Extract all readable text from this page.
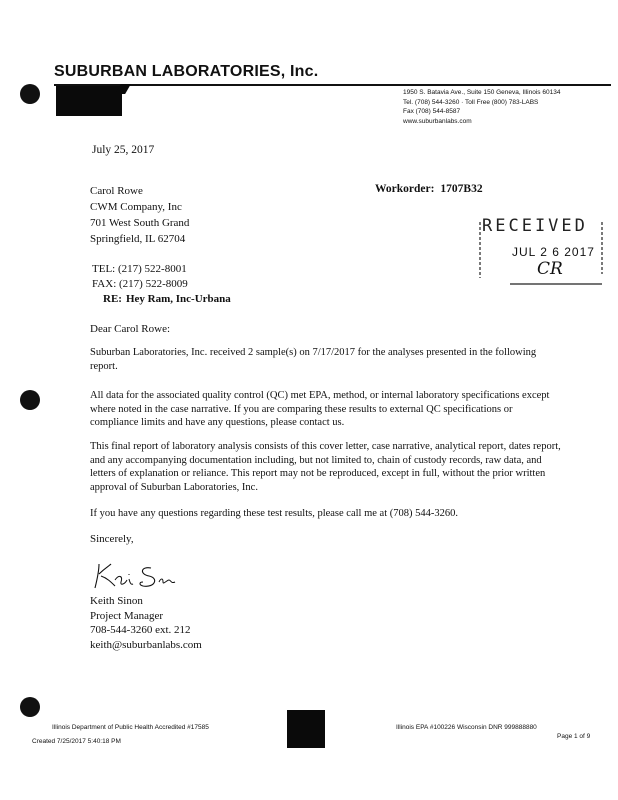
SUBURBAN LABORATORIES, Inc.
1950 S. Batavia Ave., Suite 150 Geneva, Illinois 60134
Tel. (708) 544-3260 · Toll Free (800) 783-LABS
Fax (708) 544-8587
www.suburbanlabs.com
July 25, 2017
Carol Rowe
CWM Company, Inc
701 West South Grand
Springfield, IL 62704
Workorder: 1707B32
RECEIVED
JUL 2 6 2017
CR
TEL: (217) 522-8001
FAX: (217) 522-8009
RE: Hey Ram, Inc-Urbana
Dear Carol Rowe:
Suburban Laboratories, Inc. received 2 sample(s) on 7/17/2017 for the analyses presented in the following report.
All data for the associated quality control (QC) met EPA, method, or internal laboratory specifications except where noted in the case narrative. If you are comparing these results to external QC specifications or compliance limits and have any questions, please contact us.
This final report of laboratory analysis consists of this cover letter, case narrative, analytical report, dates report, and any accompanying documentation including, but not limited to, chain of custody records, raw data, and letters of explanation or reliance. This report may not be reproduced, except in full, without the prior written approval of Suburban Laboratories, Inc.
If you have any questions regarding these test results, please call me at (708) 544-3260.
Sincerely,
Keith Sinon
Project Manager
708-544-3260 ext. 212
keith@suburbanlabs.com
Illinois Department of Public Health Accredited #17585
Created 7/25/2017 5:40:18 PM
Illinois EPA #100226 Wisconsin DNR 999888880
Page 1 of 9
